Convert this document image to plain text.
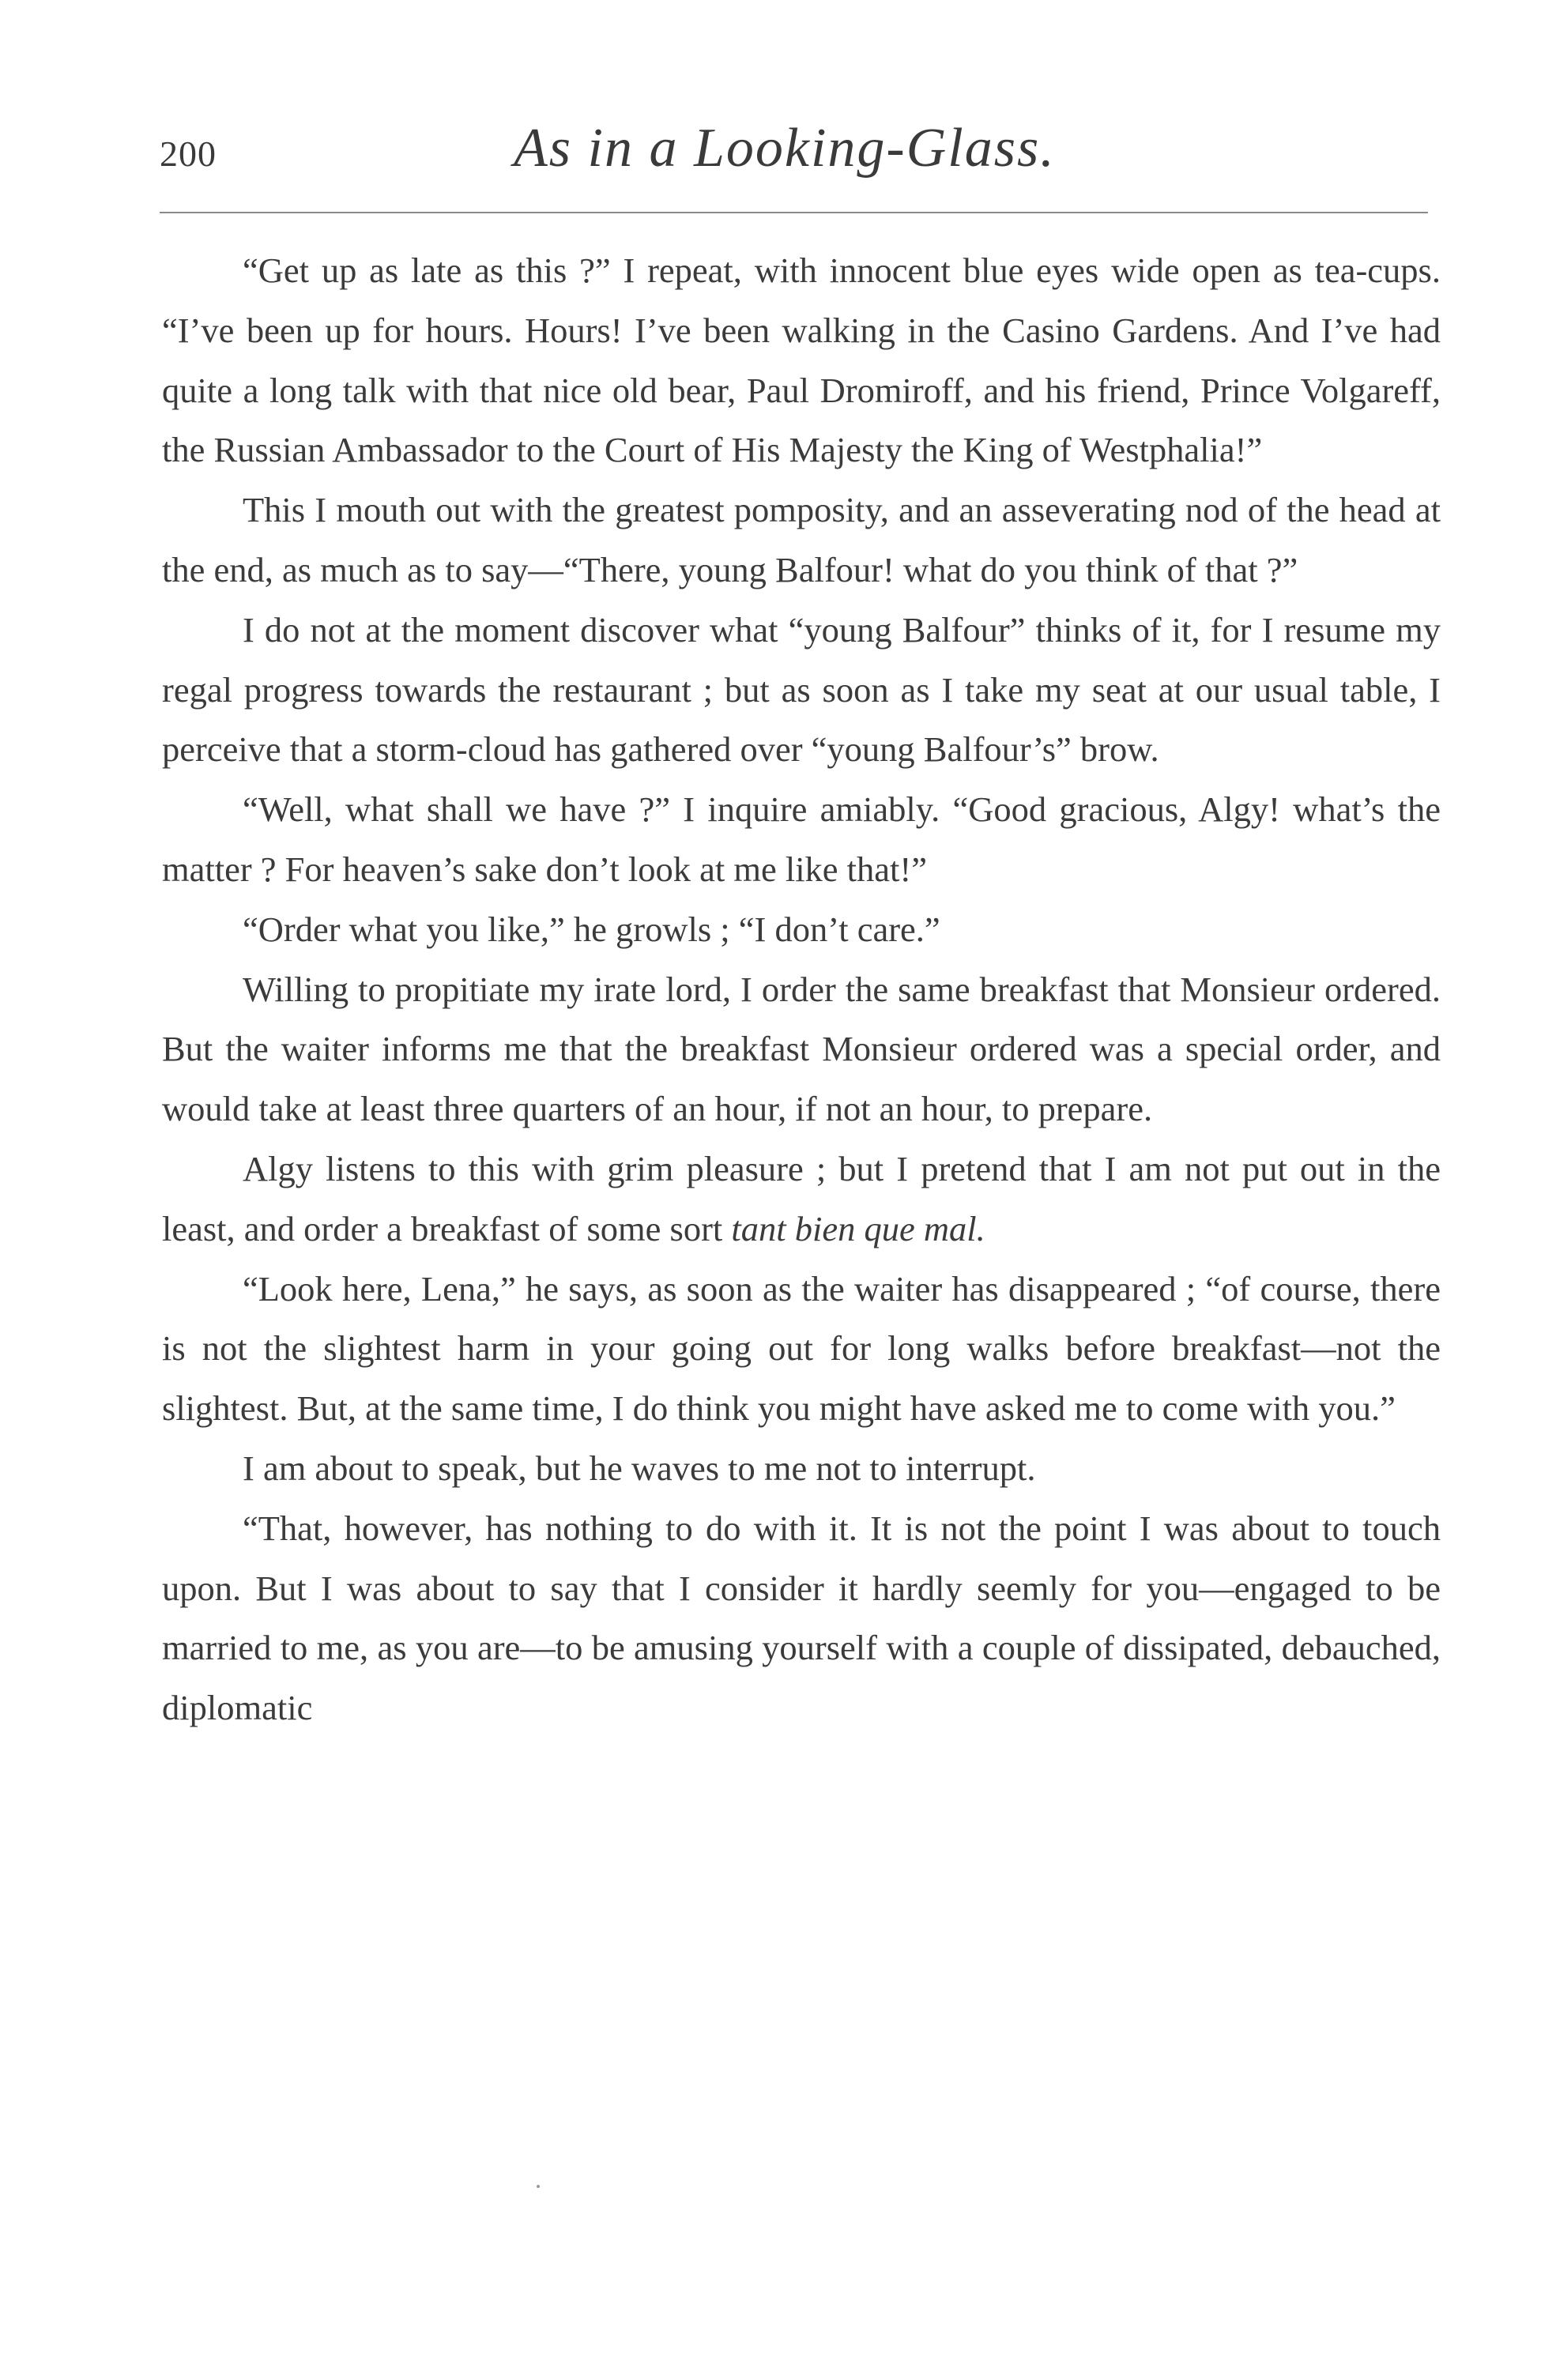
200	As in a Looking-Glass.

“Get up as late as this ?” I repeat, with innocent blue eyes wide open as tea-cups. “I’ve been up for hours. Hours! I’ve been walking in the Casino Gardens. And I’ve had quite a long talk with that nice old bear, Paul Dromiroff, and his friend, Prince Volgareff, the Russian Ambassador to the Court of His Majesty the King of Westphalia!”

This I mouth out with the greatest pomposity, and an asseverating nod of the head at the end, as much as to say—“There, young Balfour! what do you think of that ?”

I do not at the moment discover what “young Balfour” thinks of it, for I resume my regal progress towards the restaurant ; but as soon as I take my seat at our usual table, I perceive that a storm-cloud has gathered over “young Balfour’s” brow.

“Well, what shall we have ?” I inquire amiably. “Good gracious, Algy! what’s the matter ? For heaven’s sake don’t look at me like that!”

“Order what you like,” he growls ; “I don’t care.”

Willing to propitiate my irate lord, I order the same breakfast that Monsieur ordered. But the waiter informs me that the breakfast Monsieur ordered was a special order, and would take at least three quarters of an hour, if not an hour, to prepare.

Algy listens to this with grim pleasure ; but I pretend that I am not put out in the least, and order a breakfast of some sort tant bien que mal.

“Look here, Lena,” he says, as soon as the waiter has disappeared ; “of course, there is not the slightest harm in your going out for long walks before breakfast—not the slightest. But, at the same time, I do think you might have asked me to come with you.”

I am about to speak, but he waves to me not to interrupt.

“That, however, has nothing to do with it. It is not the point I was about to touch upon. But I was about to say that I consider it hardly seemly for you—engaged to be married to me, as you are—to be amusing yourself with a couple of dissipated, debauched, diplomatic
